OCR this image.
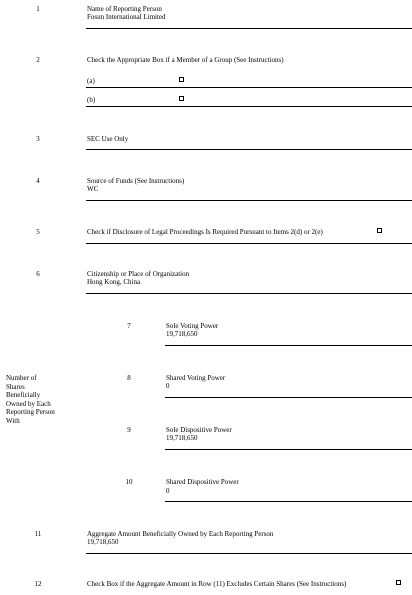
1	Name of Reporting Person
Fosun International Limited
2	Check the Appropriate Box if a Member of a Group (See Instructions)
(a)
(b)
3	SEC Use Only
4	Source of Funds (See Instructions)
WC
5	Check if Disclosure of Legal Proceedings Is Required Pursuant to Items 2(d) or 2(e)
6	Citizenship or Place of Organization
Hong Kong, China
Number of Shares Beneficially Owned by Each Reporting Person With
7	Sole Voting Power
19,718,650
8	Shared Voting Power
0
9	Sole Dispositive Power
19,718,650
10	Shared Dispositive Power
0
11	Aggregate Amount Beneficially Owned by Each Reporting Person
19,718,650
12	Check Box if the Aggregate Amount in Row (11) Excludes Certain Shares (See Instructions)
